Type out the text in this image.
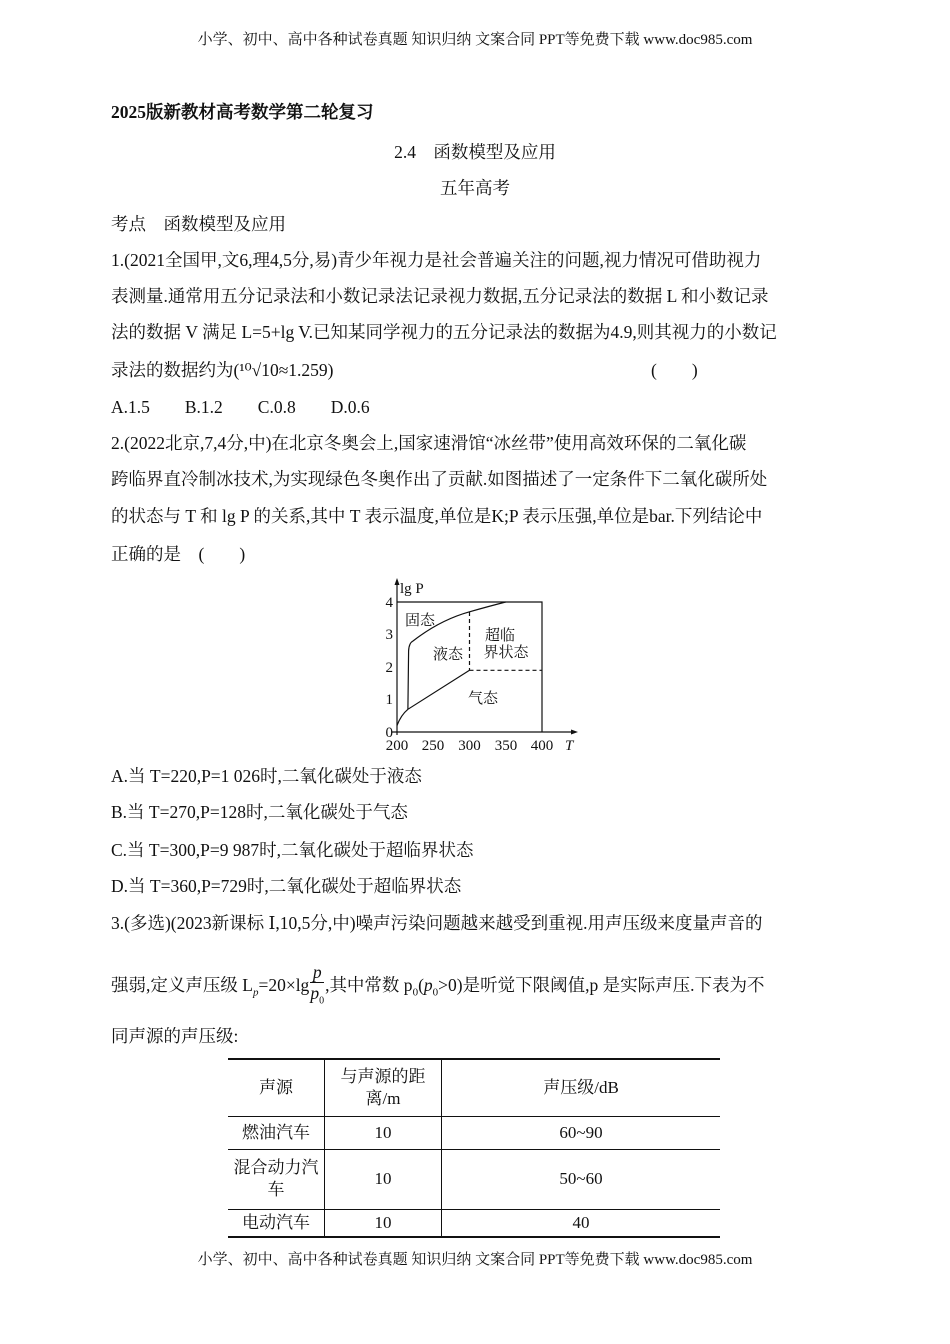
小学、初中、高中各种试卷真题 知识归纳 文案合同 PPT等免费下载 www.doc985.com
2025版新教材高考数学第二轮复习
2.4　函数模型及应用
五年高考
考点　函数模型及应用
1.(2021全国甲,文6,理4,5分,易)青少年视力是社会普遍关注的问题,视力情况可借助视力
表测量.通常用五分记录法和小数记录法记录视力数据,五分记录法的数据 L 和小数记录
法的数据 V 满足 L=5+lg V.已知某同学视力的五分记录法的数据为4.9,则其视力的小数记
录法的数据约为(¹⁰√10≈1.259)	(　　)
A.1.5　　B.1.2　　C.0.8　　D.0.6
2.(2022北京,7,4分,中)在北京冬奥会上,国家速滑馆“冰丝带”使用高效环保的二氧化碳
跨临界直冷制冰技术,为实现绿色冬奥作出了贡献.如图描述了一定条件下二氧化碳所处
的状态与 T 和 lg P 的关系,其中 T 表示温度,单位是K;P 表示压强,单位是bar.下列结论中
正确的是　(　　)
lg P
T
0
1
2
3
4
200 250 300 350 400
固态
液态
超临
界状态
气态
A.当 T=220,P=1 026时,二氧化碳处于液态
B.当 T=270,P=128时,二氧化碳处于气态
C.当 T=300,P=9 987时,二氧化碳处于超临界状态
D.当 T=360,P=729时,二氧化碳处于超临界状态
3.(多选)(2023新课标 Ⅰ,10,5分,中)噪声污染问题越来越受到重视.用声压级来度量声音的
强弱,定义声压级 $L_p=20\times\lg \frac{p}{p_0}$ ,其中常数 $p_0(p_0>0)$是听觉下限阈值,p 是实际声压.下表为不
同声源的声压级:
声源	与声源的距离/m	声压级/dB
燃油汽车	10	60~90
混合动力汽车	10	50~60
电动汽车	10	40
小学、初中、高中各种试卷真题 知识归纳 文案合同 PPT等免费下载 www.doc985.com
